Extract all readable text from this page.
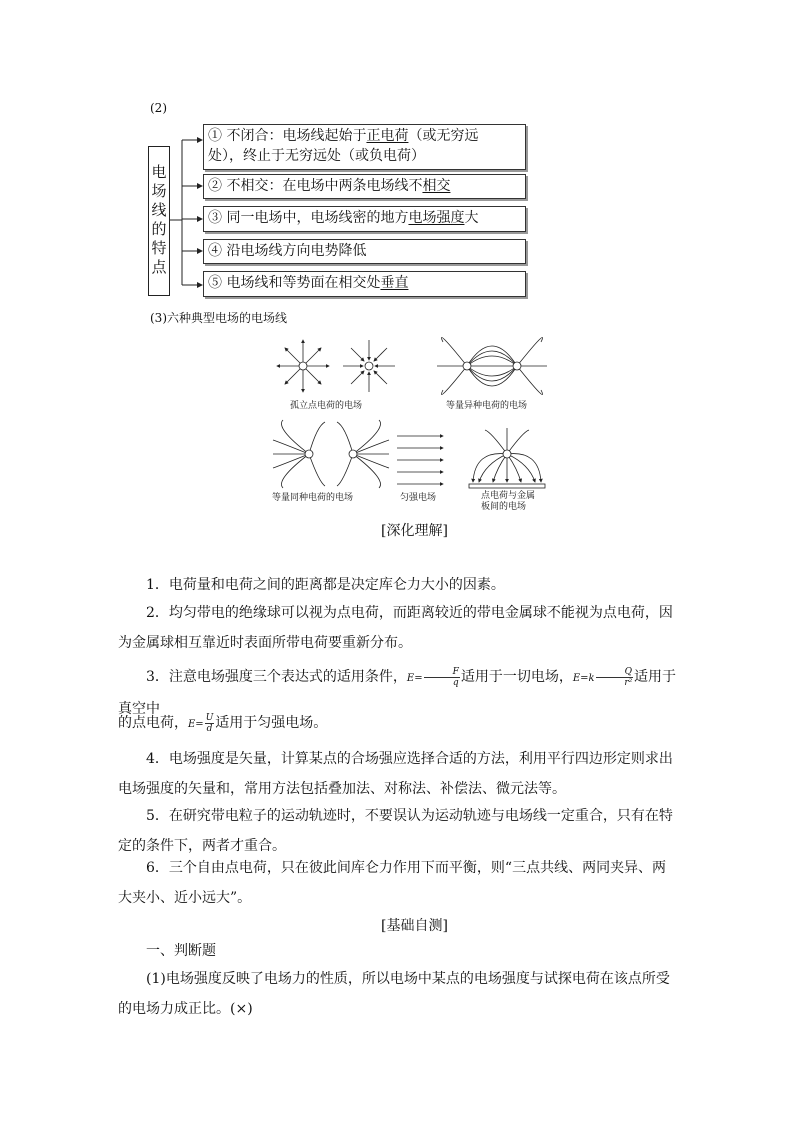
(2)
电
场
线
的
特
点
① 不闭合：电场线起始于正电荷（或无穷远
处），终止于无穷远处（或负电荷）
② 不相交：在电场中两条电场线不相交
③ 同一电场中，电场线密的地方电场强度大
④ 沿电场线方向电势降低
⑤ 电场线和等势面在相交处垂直
(3)六种典型电场的电场线
孤立点电荷的电场	等量异种电荷的电场
等量同种电荷的电场	匀强电场	点电荷与金属
板间的电场
[深化理解]
1．电荷量和电荷之间的距离都是决定库仑力大小的因素。
2．均匀带电的绝缘球可以视为点电荷，而距离较近的带电金属球不能视为点电荷，因为金属球相互靠近时表面所带电荷要重新分布。
3．注意电场强度三个表达式的适用条件，$E= \frac{F}{q}$ 适用于一切电场，$E=k \frac{Q}{\text{r²}}$ 适用于真空中
的点电荷，$E= \frac{U}{d}$ 适用于匀强电场。
4．电场强度是矢量，计算某点的合场强应选择合适的方法，利用平行四边形定则求出电场强度的矢量和，常用方法包括叠加法、对称法、补偿法、微元法等。
5．在研究带电粒子的运动轨迹时，不要误认为运动轨迹与电场线一定重合，只有在特定的条件下，两者才重合。
6．三个自由点电荷，只在彼此间库仑力作用下而平衡，则“三点共线、两同夹异、两大夹小、近小远大”。
[基础自测]
一、判断题
(1)电场强度反映了电场力的性质，所以电场中某点的电场强度与试探电荷在该点所受的电场力成正比。(×)
